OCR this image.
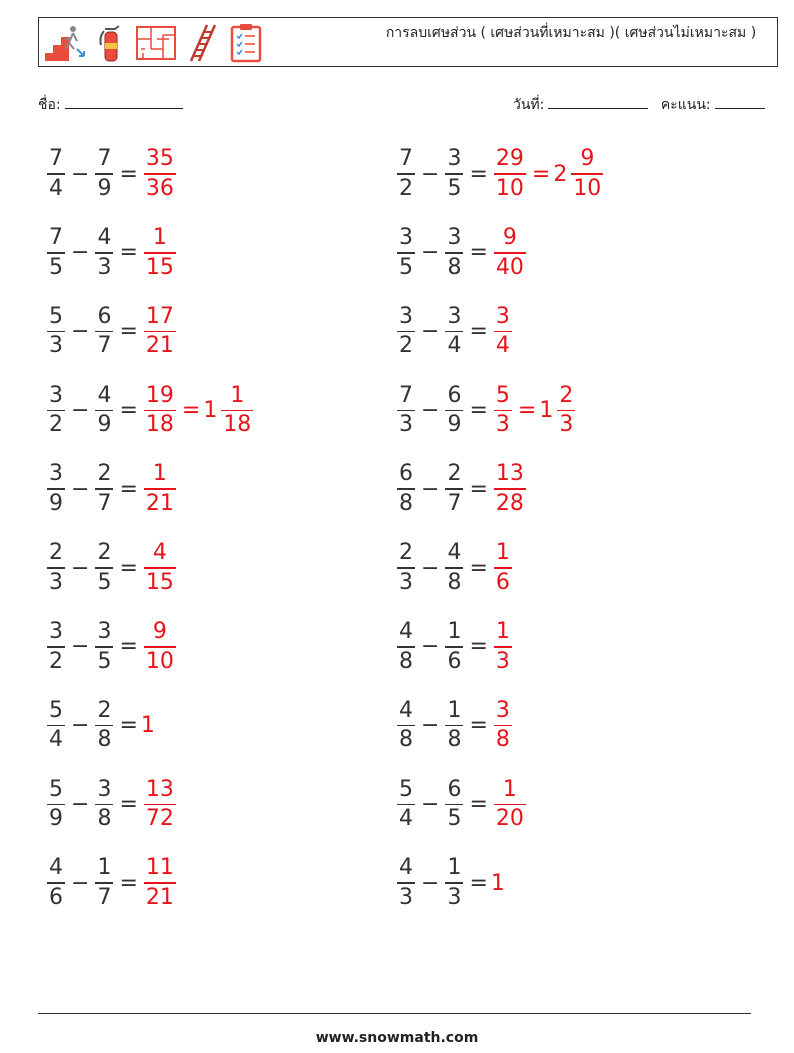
การลบเศษส่วน ( เศษส่วนที่เหมาะสม )( เศษส่วนไม่เหมาะสม )
ชื่อ:	วันที่:	คะแนน:
$\frac{7}{4} - \frac{7}{9} = \frac{35}{36}$	$\frac{7}{2} - \frac{3}{5} = \frac{29}{10} = 2 \frac{9}{10}$
$\frac{7}{5} - \frac{4}{3} = \frac{1}{15}$	$\frac{3}{5} - \frac{3}{8} = \frac{9}{40}$
$\frac{5}{3} - \frac{6}{7} = \frac{17}{21}$	$\frac{3}{2} - \frac{3}{4} = \frac{3}{4}$
$\frac{3}{2} - \frac{4}{9} = \frac{19}{18} = 1 \frac{1}{18}$	$\frac{7}{3} - \frac{6}{9} = \frac{5}{3} = 1 \frac{2}{3}$
$\frac{3}{9} - \frac{2}{7} = \frac{1}{21}$	$\frac{6}{8} - \frac{2}{7} = \frac{13}{28}$
$\frac{2}{3} - \frac{2}{5} = \frac{4}{15}$	$\frac{2}{3} - \frac{4}{8} = \frac{1}{6}$
$\frac{3}{2} - \frac{3}{5} = \frac{9}{10}$	$\frac{4}{8} - \frac{1}{6} = \frac{1}{3}$
$\frac{5}{4} - \frac{2}{8} = 1$	$\frac{4}{8} - \frac{1}{8} = \frac{3}{8}$
$\frac{5}{9} - \frac{3}{8} = \frac{13}{72}$	$\frac{5}{4} - \frac{6}{5} = \frac{1}{20}$
$\frac{4}{6} - \frac{1}{7} = \frac{11}{21}$	$\frac{4}{3} - \frac{1}{3} = 1$
www.snowmath.com
